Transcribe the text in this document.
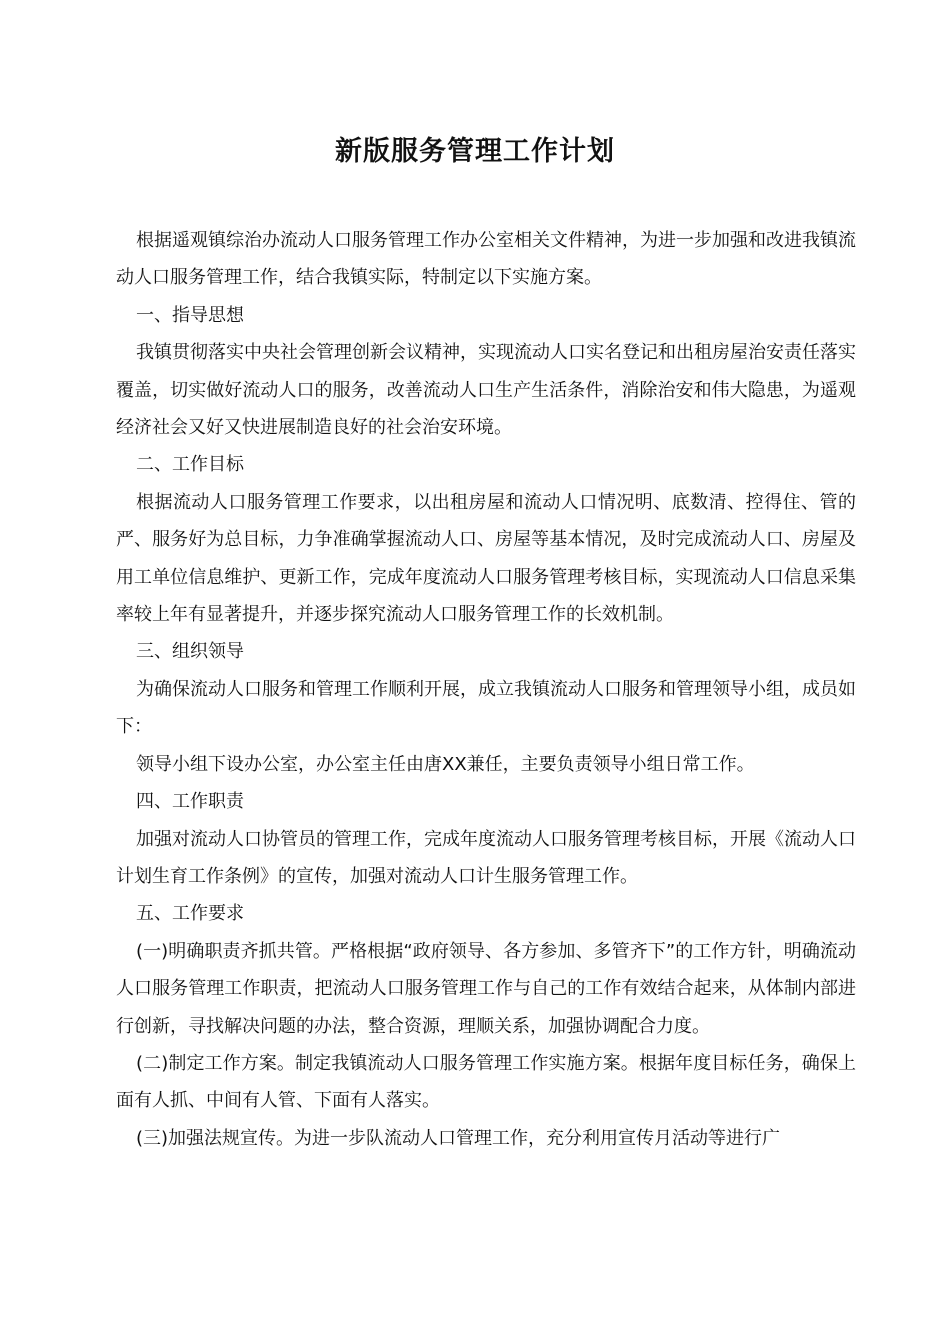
新版服务管理工作计划

根据遥观镇综治办流动人口服务管理工作办公室相关文件精神，为进一步加强和改进我镇流动人口服务管理工作，结合我镇实际，特制定以下实施方案。

一、指导思想

我镇贯彻落实中央社会管理创新会议精神，实现流动人口实名登记和出租房屋治安责任落实覆盖，切实做好流动人口的服务，改善流动人口生产生活条件，消除治安和伟大隐患，为遥观经济社会又好又快进展制造良好的社会治安环境。

二、工作目标

根据流动人口服务管理工作要求，以出租房屋和流动人口情况明、底数清、控得住、管的严、服务好为总目标，力争准确掌握流动人口、房屋等基本情况，及时完成流动人口、房屋及用工单位信息维护、更新工作，完成年度流动人口服务管理考核目标，实现流动人口信息采集率较上年有显著提升，并逐步探究流动人口服务管理工作的长效机制。

三、组织领导

为确保流动人口服务和管理工作顺利开展，成立我镇流动人口服务和管理领导小组，成员如下：

领导小组下设办公室，办公室主任由唐XX兼任，主要负责领导小组日常工作。

四、工作职责

加强对流动人口协管员的管理工作，完成年度流动人口服务管理考核目标，开展《流动人口计划生育工作条例》的宣传，加强对流动人口计生服务管理工作。

五、工作要求

(一)明确职责齐抓共管。严格根据“政府领导、各方参加、多管齐下”的工作方针，明确流动人口服务管理工作职责，把流动人口服务管理工作与自己的工作有效结合起来，从体制内部进行创新，寻找解决问题的办法，整合资源，理顺关系，加强协调配合力度。

(二)制定工作方案。制定我镇流动人口服务管理工作实施方案。根据年度目标任务，确保上面有人抓、中间有人管、下面有人落实。

(三)加强法规宣传。为进一步队流动人口管理工作，充分利用宣传月活动等进行广
